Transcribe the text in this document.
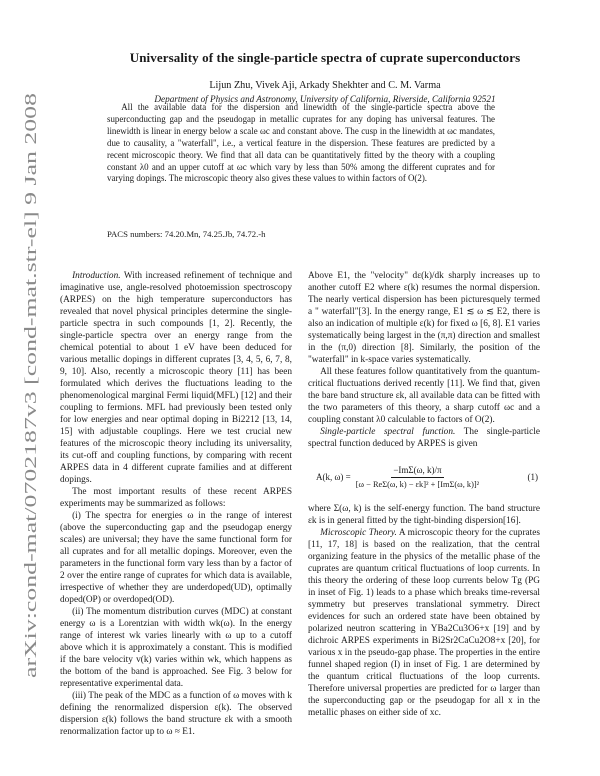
arXiv:cond-mat/0702187v3 [cond-mat.str-el] 9 Jan 2008
Universality of the single-particle spectra of cuprate superconductors
Lijun Zhu, Vivek Aji, Arkady Shekhter and C. M. Varma
Department of Physics and Astronomy, University of California, Riverside, California 92521
All the available data for the dispersion and linewidth of the single-particle spectra above the superconducting gap and the pseudogap in metallic cuprates for any doping has universal features. The linewidth is linear in energy below a scale ωc and constant above. The cusp in the linewidth at ωc mandates, due to causality, a "waterfall", i.e., a vertical feature in the dispersion. These features are predicted by a recent microscopic theory. We find that all data can be quantitatively fitted by the theory with a coupling constant λ0 and an upper cutoff at ωc which vary by less than 50% among the different cuprates and for varying dopings. The microscopic theory also gives these values to within factors of O(2).
PACS numbers: 74.20.Mn, 74.25.Jb, 74.72.-h

Introduction. With increased refinement of technique and imaginative use, angle-resolved photoemission spectroscopy (ARPES) on the high temperature superconductors has revealed that novel physical principles determine the single-particle spectra in such compounds [1, 2]. Recently, the single-particle spectra over an energy range from the chemical potential to about 1 eV have been deduced for various metallic dopings in different cuprates [3, 4, 5, 6, 7, 8, 9, 10]. Also, recently a microscopic theory [11] has been formulated which derives the fluctuations leading to the phenomenological marginal Fermi liquid(MFL) [12] and their coupling to fermions. MFL had previously been tested only for low energies and near optimal doping in Bi2212 [13, 14, 15] with adjustable couplings. Here we test crucial new features of the microscopic theory including its universality, its cut-off and coupling functions, by comparing with recent ARPES data in 4 different cuprate families and at different dopings.

The most important results of these recent ARPES experiments may be summarized as follows:

(i) The spectra for energies ω in the range of interest (above the superconducting gap and the pseudogap energy scales) are universal; they have the same functional form for all cuprates and for all metallic dopings. Moreover, even the parameters in the functional form vary less than by a factor of 2 over the entire range of cuprates for which data is available, irrespective of whether they are underdoped(UD), optimally doped(OP) or overdoped(OD).

(ii) The momentum distribution curves (MDC) at constant energy ω is a Lorentzian with width wk(ω). In the energy range of interest wk varies linearly with ω up to a cutoff above which it is approximately a constant. This is modified if the bare velocity v(k) varies within wk, which happens as the bottom of the band is approached. See Fig. 3 below for representative experimental data.

(iii) The peak of the MDC as a function of ω moves with k defining the renormalized dispersion ε(k). The observed dispersion ε(k) follows the band structure εk with a smooth renormalization factor up to ω ≈ E1.

Above E1, the "velocity" dε(k)/dk sharply increases up to another cutoff E2 where ε(k) resumes the normal dispersion. The nearly vertical dispersion has been picturesquely termed a " waterfall"[3]. In the energy range, E1 ≲ ω ≲ E2, there is also an indication of multiple ε(k) for fixed ω [6, 8]. E1 varies systematically being largest in the (π,π) direction and smallest in the (π,0) direction [8]. Similarly, the position of the "waterfall" in k-space varies systematically.

All these features follow quantitatively from the quantum-critical fluctuations derived recently [11]. We find that, given the bare band structure εk, all available data can be fitted with the two parameters of this theory, a sharp cutoff ωc and a coupling constant λ0 calculable to factors of O(2).

Single-particle spectral function. The single-particle spectral function deduced by ARPES is given

A(k, $\omega) = \frac{\text{−ImΣ(ω, k)/π}}{\text{[ω − ReΣ(ω, k) − εk]² + [ImΣ(ω, k)]²}}$	(1)

where Σ(ω, k) is the self-energy function. The band structure εk is in general fitted by the tight-binding dispersion[16].

Microscopic Theory. A microscopic theory for the cuprates [11, 17, 18] is based on the realization, that the central organizing feature in the physics of the metallic phase of the cuprates are quantum critical fluctuations of loop currents. In this theory the ordering of these loop currents below Tg (PG in inset of Fig. 1) leads to a phase which breaks time-reversal symmetry but preserves translational symmetry. Direct evidences for such an ordered state have been obtained by polarized neutron scattering in YBa2Cu3O6+x [19] and by dichroic ARPES experiments in Bi2Sr2CaCu2O8+x [20], for various x in the pseudo-gap phase. The properties in the entire funnel shaped region (I) in inset of Fig. 1 are determined by the quantum critical fluctuations of the loop currents. Therefore universal properties are predicted for ω larger than the superconducting gap or the pseudogap for all x in the metallic phases on either side of xc.
